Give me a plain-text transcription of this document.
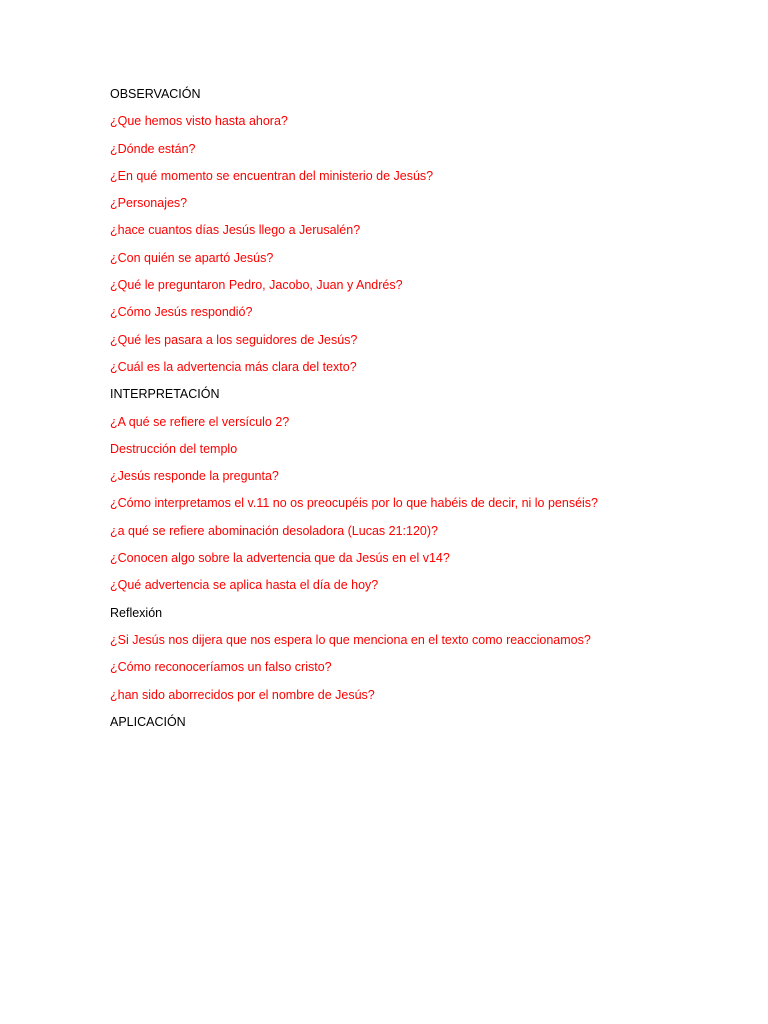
OBSERVACIÓN
¿Que hemos visto hasta ahora?
¿Dónde están?
¿En qué momento se encuentran del ministerio de Jesús?
¿Personajes?
¿hace cuantos días Jesús llego a Jerusalén?
¿Con quién se apartó Jesús?
¿Qué le preguntaron Pedro, Jacobo, Juan y Andrés?
¿Cómo Jesús respondió?
¿Qué les pasara a los seguidores de Jesús?
¿Cuál es la advertencia más clara del texto?
INTERPRETACIÓN
¿A qué se refiere el versículo 2?
Destrucción del templo
¿Jesús responde la pregunta?
¿Cómo interpretamos el v.11 no os preocupéis por lo que habéis de decir, ni lo penséis?
¿a qué se refiere abominación desoladora (Lucas 21:120)?
¿Conocen algo sobre la advertencia que da Jesús en el v14?
¿Qué advertencia se aplica hasta el día de hoy?
Reflexión
¿Si Jesús nos dijera que nos espera lo que menciona en el texto como reaccionamos?
¿Cómo reconoceríamos un falso cristo?
¿han sido aborrecidos por el nombre de Jesús?
APLICACIÓN
